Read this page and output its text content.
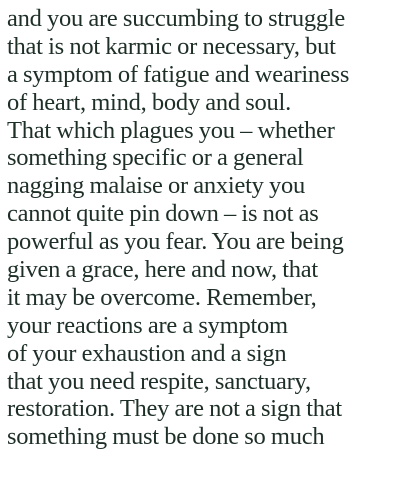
and you are succumbing to struggle
that is not karmic or necessary, but
a symptom of fatigue and weariness
of heart, mind, body and soul.
That which plagues you – whether
something specific or a general
nagging malaise or anxiety you
cannot quite pin down – is not as
powerful as you fear. You are being
given a grace, here and now, that
it may be overcome. Remember,
your reactions are a symptom
of your exhaustion and a sign
that you need respite, sanctuary,
restoration. They are not a sign that
something must be done so much
